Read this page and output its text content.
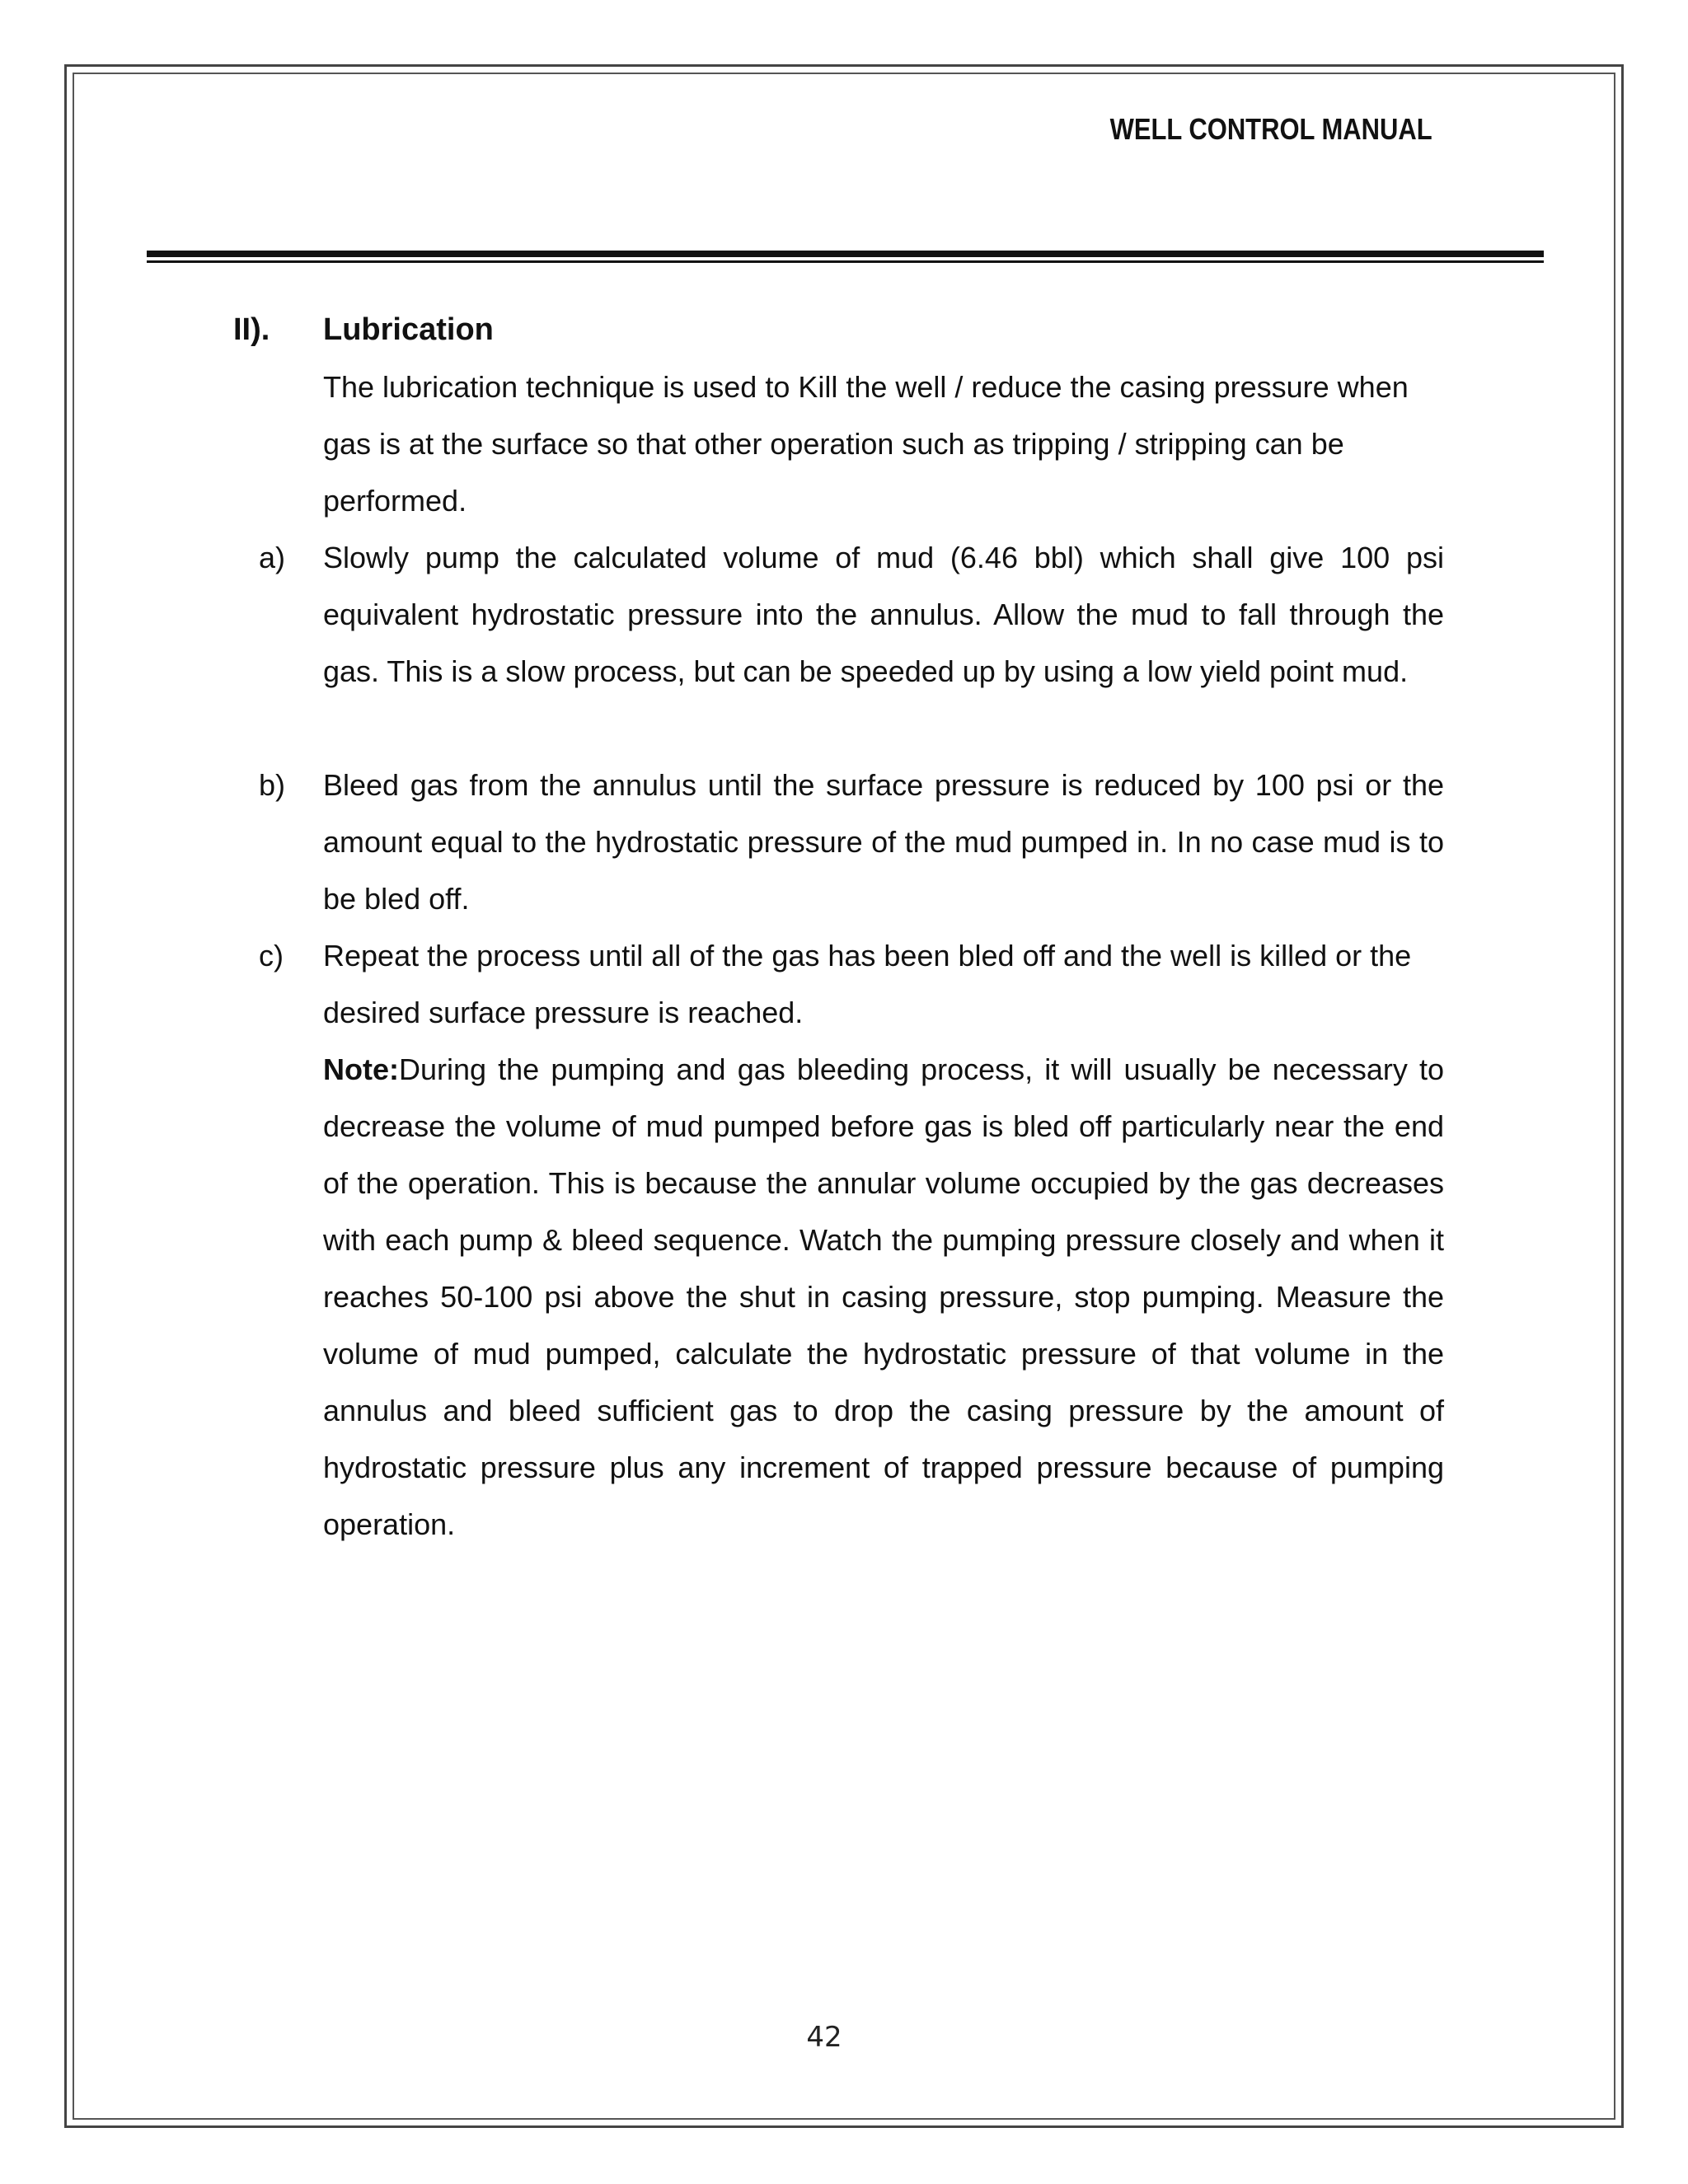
WELL CONTROL MANUAL
II). Lubrication

The lubrication technique is used to Kill the well / reduce the casing pressure when gas is at the surface so that other operation such as tripping / stripping can be performed.

a) Slowly pump the calculated volume of mud (6.46 bbl) which shall give 100 psi equivalent hydrostatic pressure into the annulus. Allow the mud to fall through the gas. This is a slow process, but can be speeded up by using a low yield point mud.

b) Bleed gas from the annulus until the surface pressure is reduced by 100 psi or the amount equal to the hydrostatic pressure of the mud pumped in. In no case mud is to be bled off.

c) Repeat the process until all of the gas has been bled off and the well is killed or the desired surface pressure is reached.

Note:During the pumping and gas bleeding process, it will usually be necessary to decrease the volume of mud pumped before gas is bled off particularly near the end of the operation. This is because the annular volume occupied by the gas decreases with each pump & bleed sequence. Watch the pumping pressure closely and when it reaches 50-100 psi above the shut in casing pressure, stop pumping. Measure the volume of mud pumped, calculate the hydrostatic pressure of that volume in the annulus and bleed sufficient gas to drop the casing pressure by the amount of hydrostatic pressure plus any increment of trapped pressure because of pumping operation.

42
